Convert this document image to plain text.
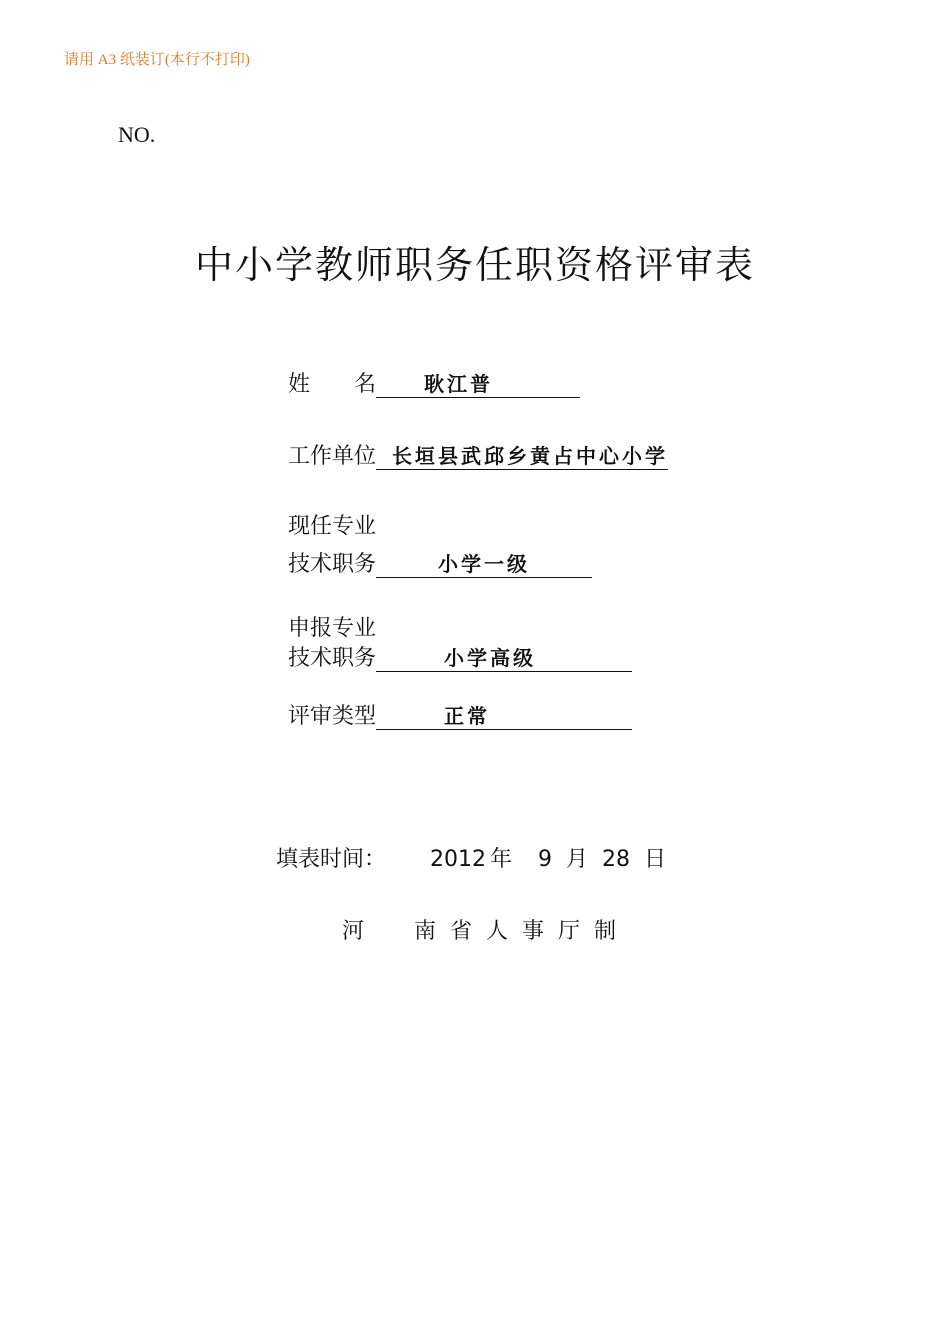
请用 A3 纸装订(本行不打印)
NO.
中小学教师职务任职资格评审表
姓　　名 耿江普
工作单位 长垣县武邱乡黄占中心小学
现任专业
技术职务	小学一级
申报专业
技术职务	小学高级
评审类型	正常
填表时间： 2012 年 9 月 28 日
河　南省人事厅制
